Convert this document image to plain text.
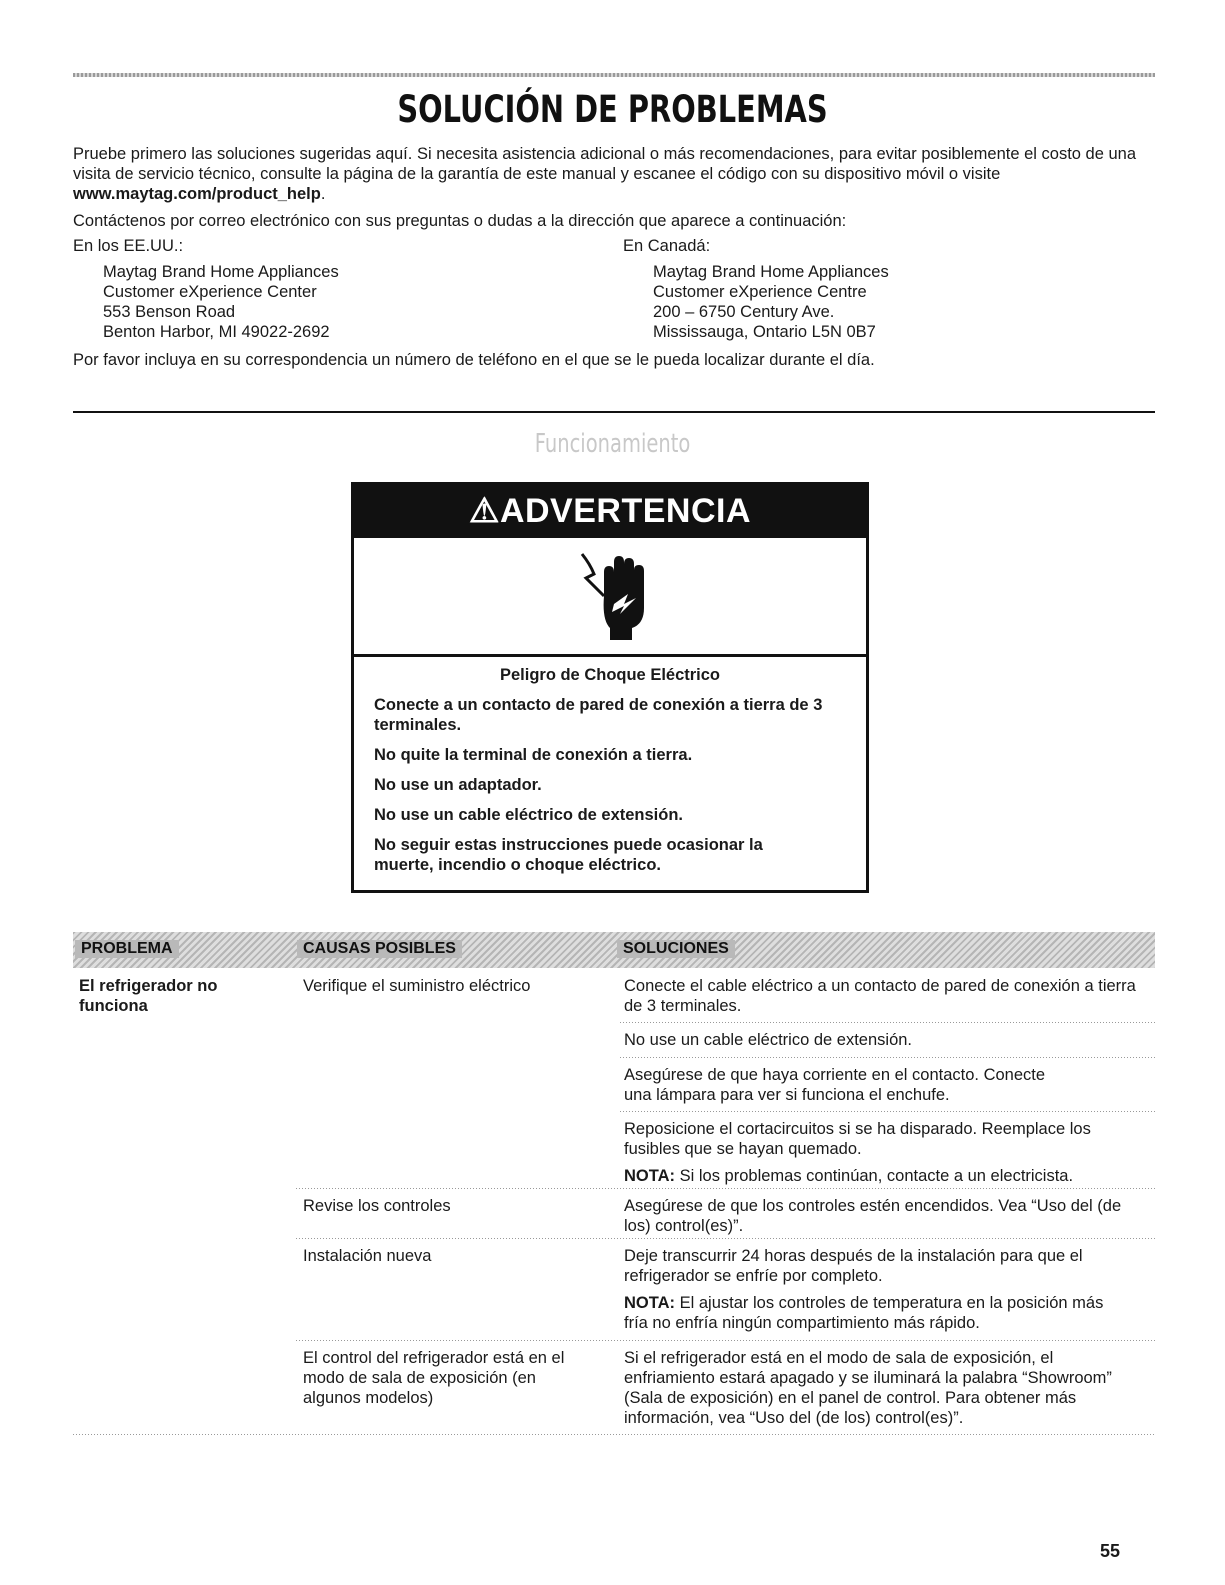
SOLUCIÓN DE PROBLEMAS

Pruebe primero las soluciones sugeridas aquí. Si necesita asistencia adicional o más recomendaciones, para evitar posiblemente el costo de una visita de servicio técnico, consulte la página de la garantía de este manual y escanee el código con su dispositivo móvil o visite www.maytag.com/product_help.

Contáctenos por correo electrónico con sus preguntas o dudas a la dirección que aparece a continuación:

En los EE.UU.:
Maytag Brand Home Appliances
Customer eXperience Center
553 Benson Road
Benton Harbor, MI 49022-2692
En Canadá:
Maytag Brand Home Appliances
Customer eXperience Centre
200 – 6750 Century Ave.
Mississauga, Ontario L5N 0B7
Por favor incluya en su correspondencia un número de teléfono en el que se le pueda localizar durante el día.
Funcionamiento
⚠ADVERTENCIA
Peligro de Choque Eléctrico

Conecte a un contacto de pared de conexión a tierra de 3 terminales.

No quite la terminal de conexión a tierra.

No use un adaptador.

No use un cable eléctrico de extensión.

No seguir estas instrucciones puede ocasionar la muerte, incendio o choque eléctrico.

PROBLEMA	CAUSAS POSIBLES	SOLUCIONES
El refrigerador no funciona
Verifique el suministro eléctrico
Revise los controles
Instalación nueva
El control del refrigerador está en el modo de sala de exposición (en algunos modelos)
Conecte el cable eléctrico a un contacto de pared de conexión a tierra de 3 terminales.
No use un cable eléctrico de extensión.
Asegúrese de que haya corriente en el contacto. Conecte una lámpara para ver si funciona el enchufe.
Reposicione el cortacircuitos si se ha disparado. Reemplace los fusibles que se hayan quemado.
NOTA: Si los problemas continúan, contacte a un electricista.
Asegúrese de que los controles estén encendidos. Vea “Uso del (de los) control(es)”.
Deje transcurrir 24 horas después de la instalación para que el refrigerador se enfríe por completo.
NOTA: El ajustar los controles de temperatura en la posición más fría no enfría ningún compartimiento más rápido.
Si el refrigerador está en el modo de sala de exposición, el enfriamiento estará apagado y se iluminará la palabra “Showroom” (Sala de exposición) en el panel de control. Para obtener más información, vea “Uso del (de los) control(es)”.
55
